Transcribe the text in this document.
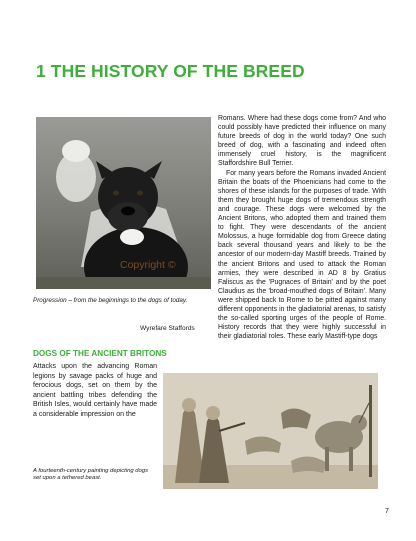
1 THE HISTORY OF THE BREED
Progression – from the beginnings to the dogs of today.
Wyrefare Staffords
DOGS OF THE ANCIENT BRITONS
Attacks upon the advancing Roman legions by savage packs of huge and ferocious dogs, set on them by the ancient battling tribes defending the British Isles, would certainly have made a considerable impression on the
A fourteenth-century painting depicting dogs set upon a tethered beast.

Romans. Where had these dogs come from? And who could possibly have predicted their influence on many future breeds of dog in the world today? One such breed of dog, with a fascinating and indeed often immensely cruel history, is the magnificent Staffordshire Bull Terrier.

For many years before the Romans invaded Ancient Britain the boats of the Phoenicians had come to the shores of these islands for the purposes of trade. With them they brought huge dogs of tremendous strength and courage. These dogs were welcomed by the Ancient Britons, who adopted them and trained them to fight. They were descendants of the ancient Molossus, a huge formidable dog from Greece dating back several thousand years and likely to be the ancestor of our modern-day Mastiff breeds. Trained by the ancient Britons and used to attack the Roman armies, they were described in AD 8 by Gratius Faliscus as the 'Pugnaces of Britain' and by the poet Claudius as the 'broad-mouthed dogs of Britain'. Many were shipped back to Rome to be pitted against many different opponents in the gladiatorial arenas, to satisfy the so-called sporting urges of the people of Rome. History records that they were highly successful in their gladiatorial roles. These early Mastiff-type dogs

Copyright ©
7
